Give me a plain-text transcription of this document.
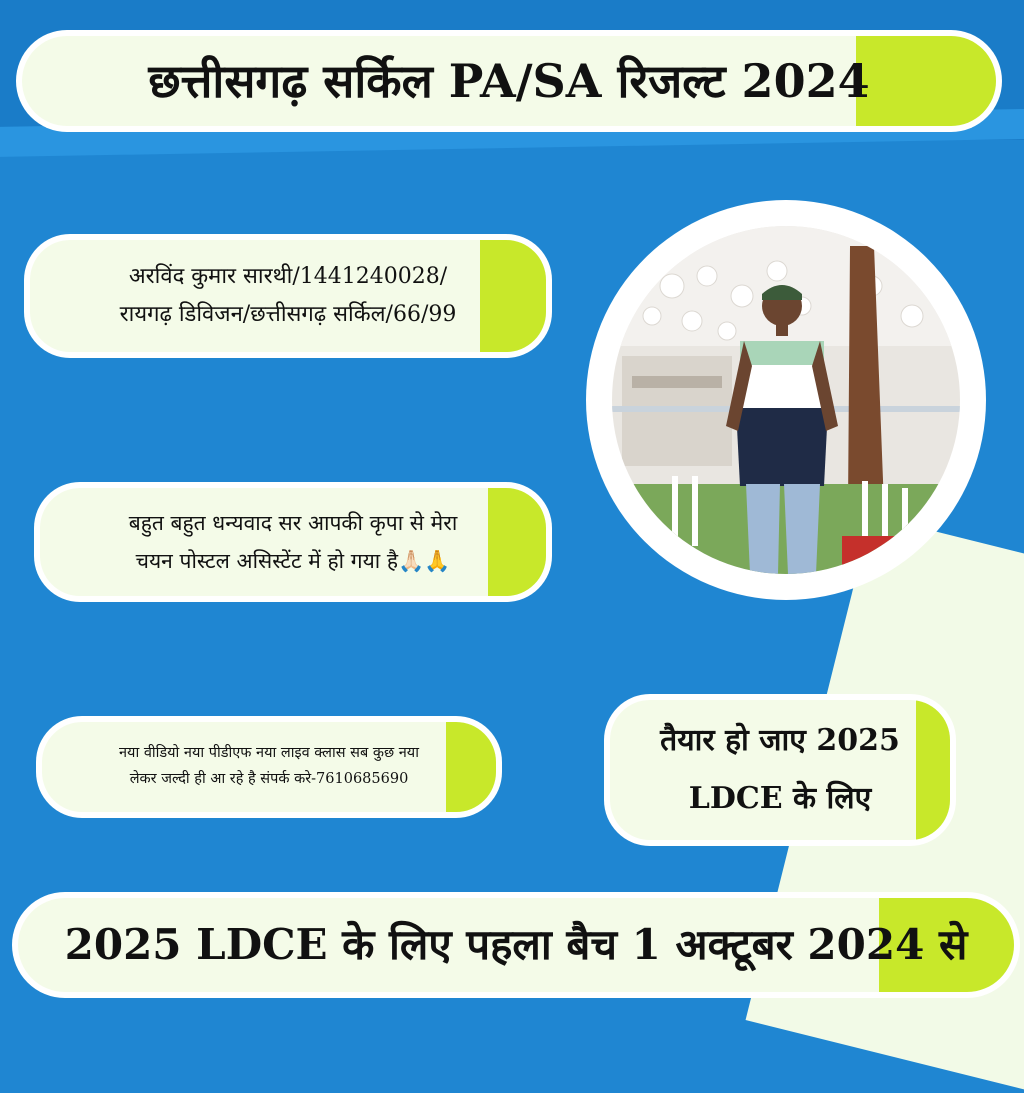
छत्तीसगढ़ सर्किल PA/SA रिजल्ट 2024
अरविंद कुमार सारथी/1441240028/
रायगढ़ डिविजन/छत्तीसगढ़ सर्किल/66/99
बहुत बहुत धन्यवाद सर आपकी कृपा से मेरा
चयन पोस्टल असिस्टेंट में हो गया है🙏🏻🙏
नया वीडियो नया पीडीएफ नया लाइव क्लास सब कुछ नया
लेकर जल्दी ही आ रहे है संपर्क करे-7610685690
तैयार हो जाए 2025
LDCE के लिए
2025 LDCE के लिए पहला बैच 1 अक्टूबर 2024 से
